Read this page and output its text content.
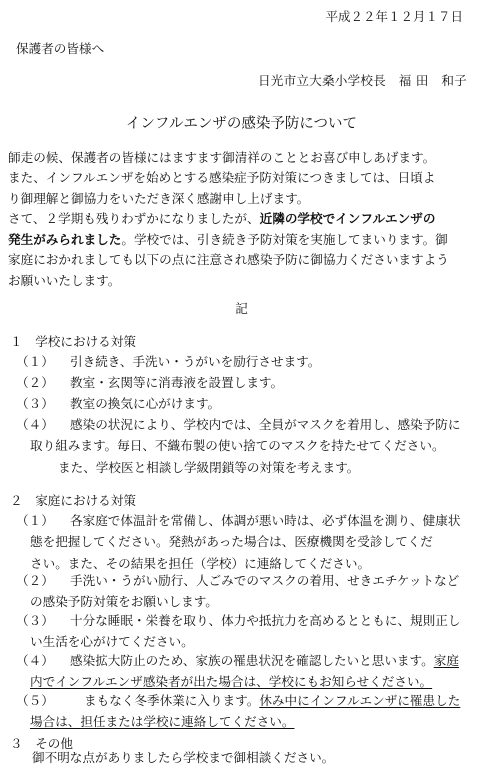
平成２２年１２月１７日
保護者の皆様へ
日光市立大桑小学校長　福 田　和子
インフルエンザの感染予防について
師走の候、保護者の皆様にはますます御清祥のこととお喜び申しあげます。
また、インフルエンザを始めとする感染症予防対策につきましては、日頃よ
り御理解と御協力をいただき深く感謝申し上げます。
さて、２学期も残りわずかになりましたが、近隣の学校でインフルエンザの
発生がみられました。学校では、引き続き予防対策を実施してまいります。御
家庭におかれましても以下の点に注意され感染予防に御協力くださいますよう
お願いいたします。
記
１　学校における対策
（１） 引き続き、手洗い・うがいを励行させます。
（２） 教室・玄関等に消毒液を設置します。
（３） 教室の換気に心がけます。
（４） 感染の状況により、学校内では、全員がマスクを着用し、感染予防に
取り組みます。毎日、不織布製の使い捨てのマスクを持たせてください。
また、学校医と相談し学級閉鎖等の対策を考えます。
２　家庭における対策
（１） 各家庭で体温計を常備し、体調が悪い時は、必ず体温を測り、健康状
態を把握してください。発熱があった場合は、医療機関を受診してくだ
さい。また、その結果を担任（学校）に連絡してください。
（２） 手洗い・うがい励行、人ごみでのマスクの着用、せきエチケットなど
の感染予防対策をお願いします。
（３） 十分な睡眠・栄養を取り、体力や抵抗力を高めるとともに、規則正し
い生活を心がけてください。
（４） 感染拡大防止のため、家族の罹患状況を確認したいと思います。家庭
内でインフルエンザ感染者が出た場合は、学校にもお知らせください。
（５） まもなく冬季休業に入ります。休み中にインフルエンザに罹患した
場合は、担任または学校に連絡してください。
３　その他
御不明な点がありましたら学校まで御相談ください。
